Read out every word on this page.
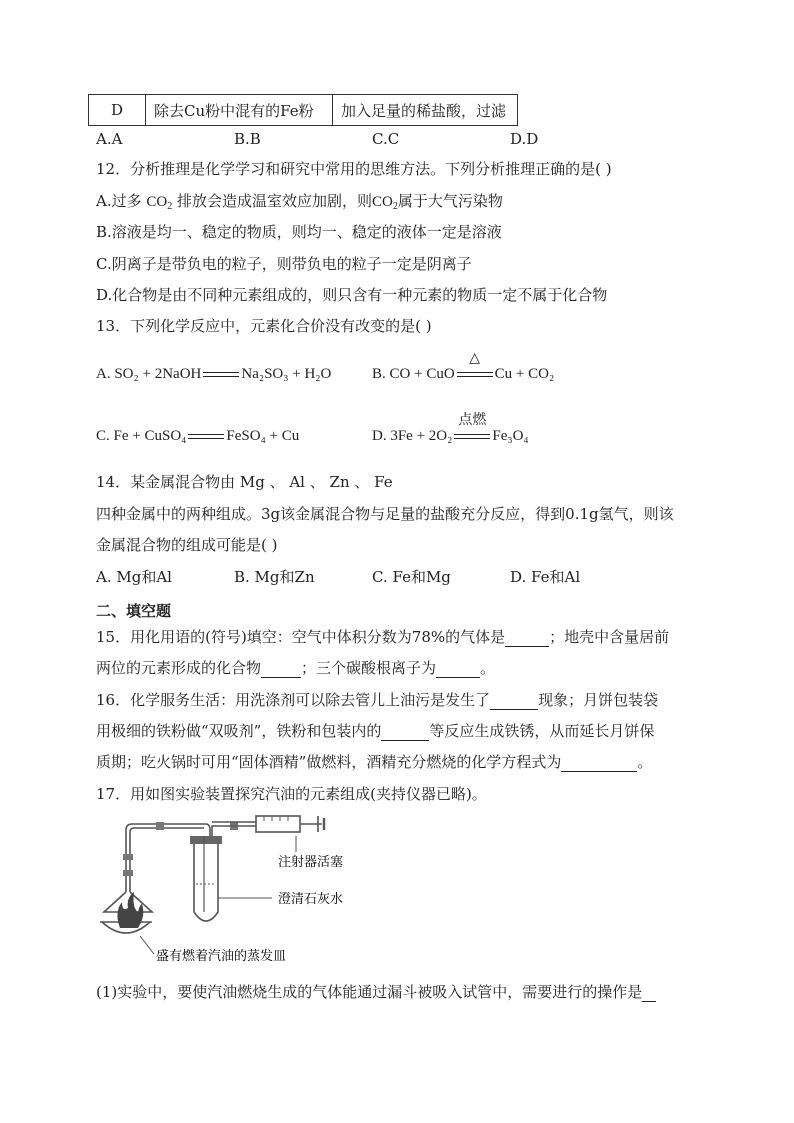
D	除去Cu粉中混有的Fe粉	加入足量的稀盐酸，过滤
A.A	B.B	C.C	D.D
12．分析推理是化学学习和研究中常用的思维方法。下列分析推理正确的是( )
A.过多 $CO_2$ 排放会造成温室效应加剧，则$CO_2$属于大气污染物
B.溶液是均一、稳定的物质，则均一、稳定的液体一定是溶液
C.阴离子是带负电的粒子，则带负电的粒子一定是阴离子
D.化合物是由不同种元素组成的，则只含有一种元素的物质一定不属于化合物
13．下列化学反应中，元素化合价没有改变的是( )
A. SO₂ + 2NaOH	Na₂SO₃ + H₂O	B. CO + CuO
△
Cu + CO₂
C. Fe + CuSO₄	FeSO₄ + Cu	D. 3Fe + 2O₂
点燃
Fe₃O₄
14．某金属混合物由 Mg 、 Al 、 Zn 、 Fe
四种金属中的两种组成。3g该金属混合物与足量的盐酸充分反应，得到0.1g氢气，则该
金属混合物的组成可能是( )
A. Mg和Al	B. Mg和Zn	C. Fe和Mg	D. Fe和Al
二、填空题
15．用化用语的(符号)填空：空气中体积分数为78%的气体是	；地壳中含量居前
两位的元素形成的化合物	；三个碳酸根离子为	。
16．化学服务生活：用洗涤剂可以除去管儿上油污是发生了	现象；月饼包装袋
用极细的铁粉做“双吸剂”，铁粉和包装内的	等反应生成铁锈，从而延长月饼保
质期；吃火锅时可用“固体酒精”做燃料，酒精充分燃烧的化学方程式为	。
17．用如图实验装置探究汽油的元素组成(夹持仪器已略)。
注射器活塞
澄清石灰水
盛有燃着汽油的蒸发皿
(1)实验中，要使汽油燃烧生成的气体能通过漏斗被吸入试管中，需要进行的操作是
